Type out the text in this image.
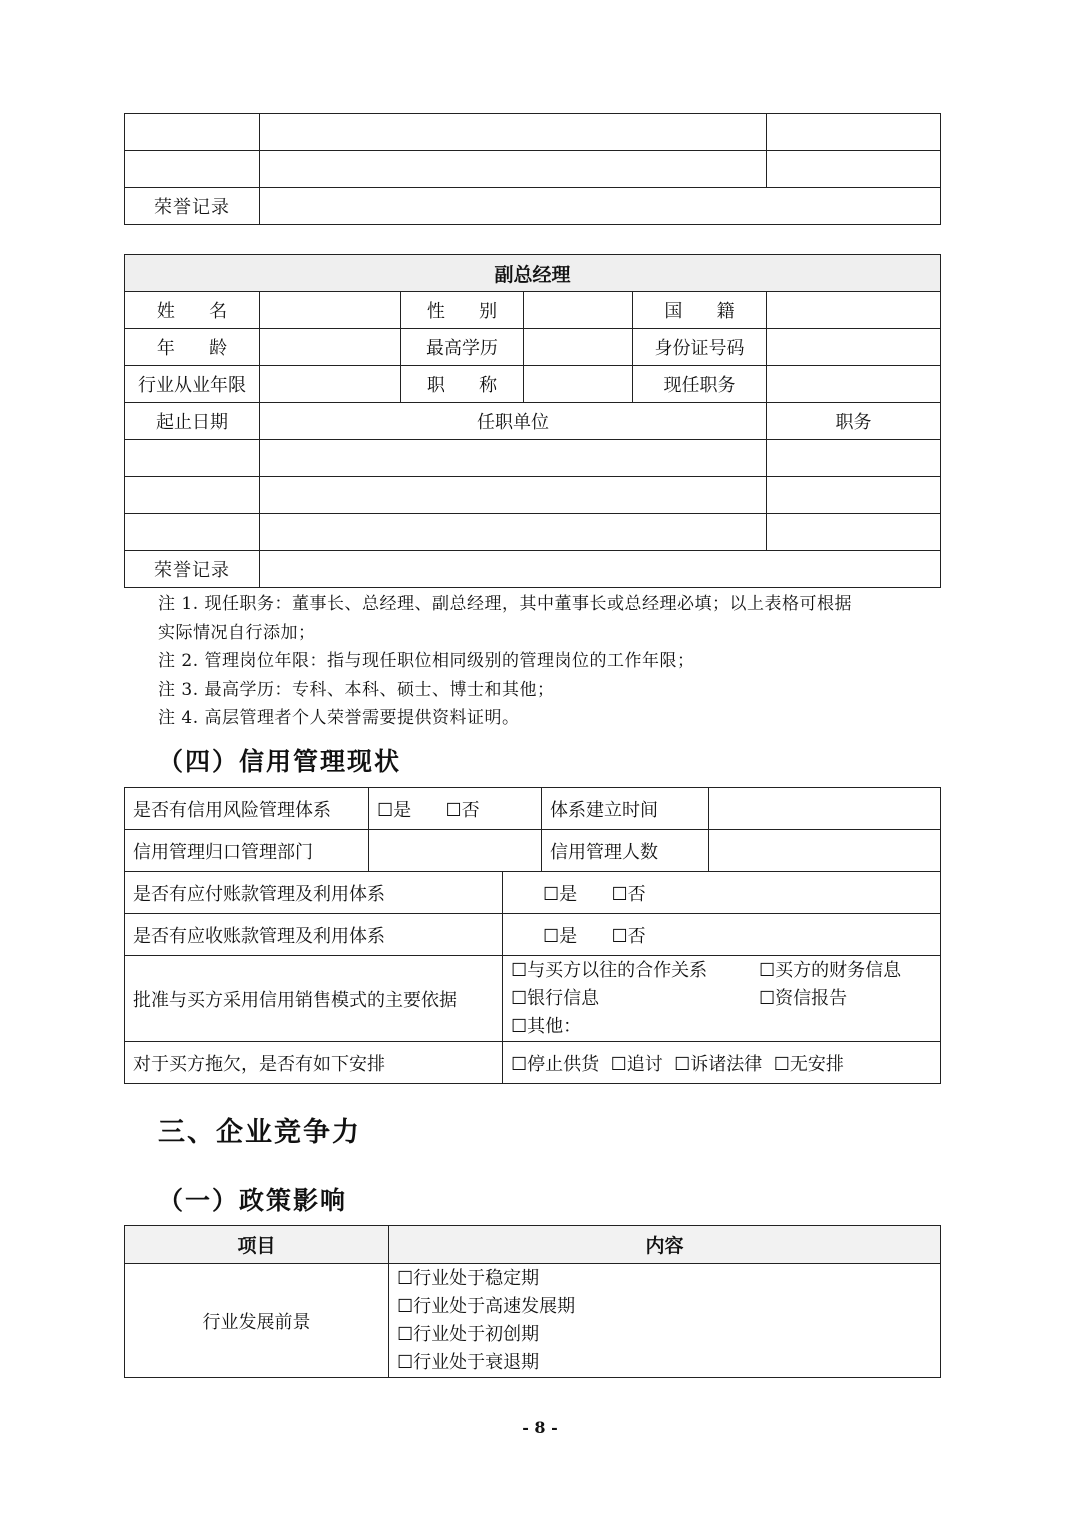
荣誉记录		
副总经理					
姓      名		性      别		国      籍	
年      龄		最高学历		身份证号码	
行业从业年限		职      称		现任职务	
起止日期	任职单位				职务

荣誉记录					
注 1. 现任职务：董事长、总经理、副总经理，其中董事长或总经理必填；以上表格可根据
实际情况自行添加；
注 2. 管理岗位年限：指与现任职位相同级别的管理岗位的工作年限；
注 3. 最高学历：专科、本科、硕士、博士和其他；
注 4. 高层管理者个人荣誉需要提供资料证明。
（四）信用管理现状
是否有信用风险管理体系	☐是      ☐否		体系建立时间	
信用管理归口管理部门			信用管理人数	
是否有应付账款管理及利用体系		☐是      ☐否		
是否有应收账款管理及利用体系		☐是      ☐否		
批准与买方采用信用销售模式的主要依据		☐与买方以往的合作关系 ☐买方的财务信息
☐银行信息 ☐资信报告
☐其他：		

对于买方拖欠，是否有如下安排		☐停止供货  ☐追讨  ☐诉诸法律  ☐无安排		
三、企业竞争力
（一）政策影响
项目	内容
行业发展前景	☐行业处于稳定期
☐行业处于高速发展期
☐行业处于初创期
☐行业处于衰退期
- 8 -
